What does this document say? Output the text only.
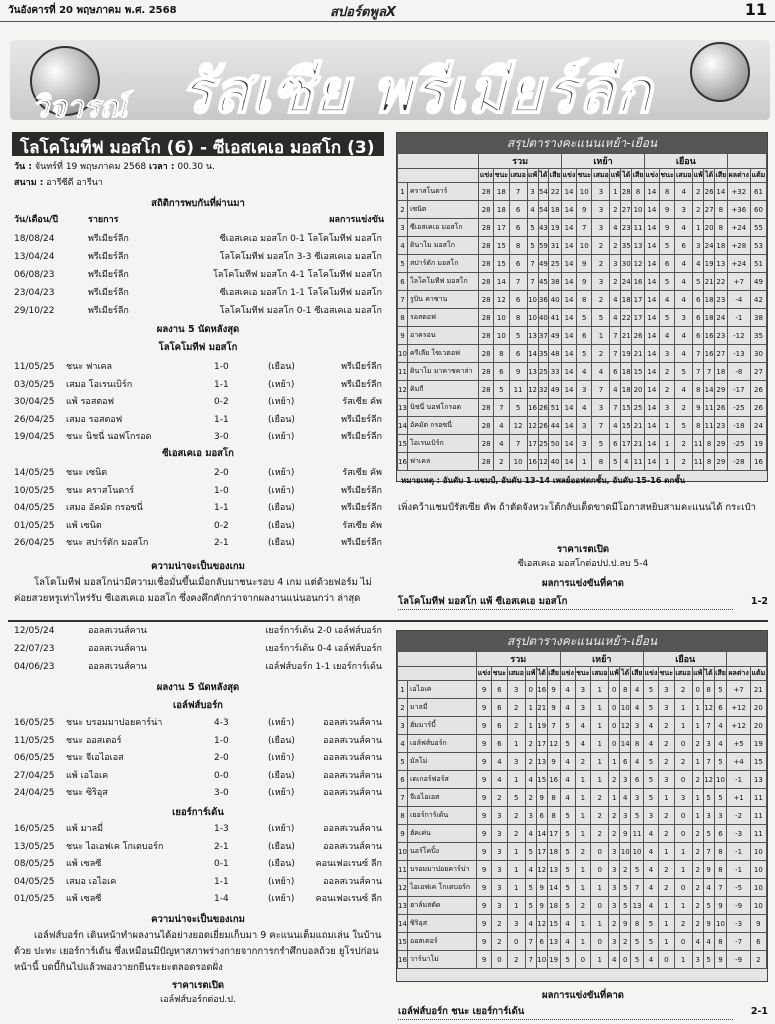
วันอังคารที่ 20 พฤษภาคม พ.ศ. 2568	สปอร์ตพูลX	11
วิจารณ์ รัสเซีย พรีเมียร์ลีก
โลโคโมทีฟ มอสโก (6) - ซีเอสเคเอ มอสโก (3)
วัน : จันทร์ที่ 19 พฤษภาคม 2568 เวลา : 00.30 น.
สนาม : อารีซีดี อารีนา
สถิติการพบกันที่ผ่านมา
วัน/เดือน/ปี	รายการ	ผลการแข่งขัน
18/08/24	พรีเมียร์ลีก	ซีเอสเคเอ มอสโก 0-1 โลโคโมทีฟ มอสโก
13/04/24	พรีเมียร์ลีก	โลโคโมทีฟ มอสโก 3-3 ซีเอสเคเอ มอสโก
06/08/23	พรีเมียร์ลีก	โลโคโมทีฟ มอสโก 4-1 โลโคโมทีฟ มอสโก
23/04/23	พรีเมียร์ลีก	ซีเอสเคเอ มอสโก 1-1 โลโคโมทีฟ มอสโก
29/10/22	พรีเมียร์ลีก	โลโคโมทีฟ มอสโก 0-1 ซีเอสเคเอ มอสโก
ผลงาน 5 นัดหลังสุด
โลโคโมทีฟ มอสโก
11/05/25 ชนะ ฟาเคล	1-0	(เยือน)	พรีเมียร์ลีก
03/05/25 เสมอ โอเรนเบิร์ก	1-1	(เหย้า)	พรีเมียร์ลีก
30/04/25 แพ้ รอสตอฟ	0-2	(เหย้า)	รัสเซีย คัพ
26/04/25 เสมอ รอสตอฟ	1-1	(เยือน)	พรีเมียร์ลีก
19/04/25 ชนะ นิชนี่ นอฟโกรอด	3-0	(เหย้า)	พรีเมียร์ลีก
ซีเอสเคเอ มอสโก
14/05/25 ชนะ เซนิต	2-0	(เหย้า)	รัสเซีย คัพ
10/05/25 ชนะ คราสโนดาร์	1-0	(เหย้า)	พรีเมียร์ลีก
04/05/25 เสมอ อัคมัต กรอซนี่	1-1	(เยือน)	พรีเมียร์ลีก
01/05/25 แพ้ เซนิต	0-2	(เยือน)	รัสเซีย คัพ
26/04/25 ชนะ สปาร์ตัก มอสโก	2-1	(เยือน)	พรีเมียร์ลีก
ความน่าจะเป็นของเกม
โลโคโมทีฟ มอสโกน่ามีความเชื่อมั่นขึ้นเมื่อกลับมาชนะรอบ 4 เกม แต่ด้วยฟอร์ม ไม่ค่อยสวยหรูเท่าไหร่รับ ซีเอสเคเอ มอสโก ซึ่งคงคึกคักกว่าจากผลงานแน่นอนกว่า ล่าสุด
เพิ่งคว้าแชมป์รัสเซีย คัพ ถ้าตัดจังหวะโต้กลับเด็ดขาดมีโอกาสหยิบสามคะแนนได้ กระเป๋า
ราคาเรตเปิด
ซีเอสเคเอ มอสโกต่อปป.ป.ลบ 5-4
ผลการแข่งขันที่คาด
โลโคโมทีฟ มอสโก แพ้ ซีเอสเคเอ มอสโก	1-2
12/05/24	ออลสเวนส์คาน	เยอร์การ์เด้น 2-0 เอล์ฟส์บอร์ก
22/07/23	ออลสเวนส์คาน	เยอร์การ์เด้น 0-4 เอล์ฟส์บอร์ก
04/06/23	ออลสเวนส์คาน	เอล์ฟส์บอร์ก 1-1 เยอร์การ์เด้น
ผลงาน 5 นัดหลังสุด
เอล์ฟส์บอร์ก
16/05/25 ชนะ บรอมมาปอยคาร์น่า	4-3	(เหย้า)	ออลสเวนส์คาน
11/05/25 ชนะ ออสเตอร์	1-0	(เยือน)	ออลสเวนส์คาน
06/05/25 ชนะ จีเอไอเอส	2-0	(เหย้า)	ออลสเวนส์คาน
27/04/25 แพ้ เอไอเค	0-0	(เยือน)	ออลสเวนส์คาน
24/04/25 ชนะ ซิริอุส	3-0	(เหย้า)	ออลสเวนส์คาน
เยอร์การ์เด้น
16/05/25 แพ้ มาลมี่	1-3	(เหย้า)	ออลสเวนส์คาน
13/05/25 ชนะ ไอเอฟเค โกเตบอร์ก	2-1	(เยือน)	ออลสเวนส์คาน
08/05/25 แพ้ เซลซี	0-1	(เยือน) คอนเฟอเรนซ์ ลีก
04/05/25 เสมอ เอไอเค	1-1	(เหย้า)	ออลสเวนส์คาน
01/05/25 แพ้ เซลซี	1-4	(เหย้า) คอนเฟอเรนซ์ ลีก
ความน่าจะเป็นของเกม
เอล์ฟส์บอร์ก เดินหน้าทำผลงานได้อย่างยอดเยี่ยมเก็บมา 9 คะแนนเต็มแถมเล่น ในบ้านด้วย ปะทะ เยอร์การ์เด้น ซึ่งเหมือนมีปัญหาสภาพร่างกายจากการกรำศึกบอลถ้วย ยูโรปก่อนหน้านี้ บดบี้กินไปแล้วพองวายกยีนระยะตลอดรอดฝั่ง
ราคาเรตเปิด
เอล์ฟส์บอร์กต่อป.ป.	ผลการแข่งขันที่คาด
เอล์ฟส์บอร์ก ชนะ เยอร์การ์เด้น	2-1
สรุปตารางคะแนนเหย้า-เยือน
		รวม						เหย้า						เยือน							
		แข่ง	ชนะ	เสมอ	แพ้	ได้	เสีย	แข่ง	ชนะ	เสมอ	แพ้	ได้	เสีย	แข่ง	ชนะ	เสมอ	แพ้	ได้	เสีย	ผลต่าง	แต้ม
1	คราสโนดาร์	28	18	7	3	54	22	14	10	3	1	28	8	14	8	4	2	26	14	+32	61
2	เซนิต	28	18	6	4	54	18	14	9	3	2	27	10	14	9	3	2	27	8	+36	60
3	ซีเอสเคเอ มอสโก	28	17	6	5	43	19	14	7	3	4	23	11	14	9	4	1	20	8	+24	55
4	ดินาโม มอสโก	28	15	8	5	59	31	14	10	2	2	35	13	14	5	6	3	24	18	+28	53
5	สปาร์ตัก มอสโก	28	15	6	7	49	25	14	9	2	3	30	12	14	6	4	4	19	13	+24	51
6	โลโคโมทีฟ มอสโก	28	14	7	7	45	38	14	9	3	2	24	16	14	5	4	5	21	22	+7	49
7	รูบิน คาซาน	28	12	6	10	36	40	14	8	2	4	18	17	14	4	4	6	18	23	-4	42
8	รอสตอฟ	28	10	8	10	40	41	14	5	5	4	22	17	14	5	3	6	18	24	-1	38
9	อาครอน	28	10	5	13	37	49	14	6	1	7	21	26	14	4	4	6	16	23	-12	35
10	ครีเลีย โซเวตอฟ	28	8	6	14	35	48	14	5	2	7	19	21	14	3	4	7	16	27	-13	30
11	ดินาโม มาคาชคาล่า	28	6	9	13	25	33	14	4	4	6	18	15	14	2	5	7	7	18	-8	27
12	คิมกี	28	5	11	12	32	49	14	3	7	4	18	20	14	2	4	8	14	29	-17	26
13	นิชนี่ นอฟโกรอด	28	7	5	16	26	51	14	4	3	7	15	25	14	3	2	9	11	26	-25	26
14	อัคมัต กรอซนี่	28	4	12	12	26	44	14	3	7	4	15	21	14	1	5	8	11	23	-18	24
15	โอเรนเบิร์ก	28	4	7	17	25	50	14	3	5	6	17	21	14	1	2	11	8	29	-25	19
16	ฟาเคล	28	2	10	16	12	40	14	1	8	5	4	11	14	1	2	11	8	29	-28	16
หมายเหตุ : อันดับ 1 แชมป์, อันดับ 13-14 เพลย์ออฟตกชั้น, อันดับ 15-16 ตกชั้น
สรุปตารางคะแนนเหย้า-เยือน
		รวม						เหย้า						เยือน							
		แข่ง	ชนะ	เสมอ	แพ้	ได้	เสีย	แข่ง	ชนะ	เสมอ	แพ้	ได้	เสีย	แข่ง	ชนะ	เสมอ	แพ้	ได้	เสีย	ผลต่าง	แต้ม
1	เอไอเค	9	6	3	0	16	9	4	3	1	0	8	4	5	3	2	0	8	5	+7	21
2	มาลมี่	9	6	2	1	21	9	4	3	1	0	10	4	5	3	1	1	12	6	+12	20
3	ฮัมมาร์บี้	9	6	2	1	19	7	5	4	1	0	12	3	4	2	1	1	7	4	+12	20
4	เอล์ฟส์บอร์ก	9	6	1	2	17	12	5	4	1	0	14	8	4	2	0	2	3	4	+5	19
5	มัลโม่	9	4	3	2	13	9	4	2	1	1	6	4	5	2	2	1	7	5	+4	15
6	เดเกอร์ฟอร์ส	9	4	1	4	15	16	4	1	1	2	3	6	5	3	0	2	12	10	-1	13
7	จีเอไอเอส	9	2	5	2	9	8	4	1	2	1	4	3	5	1	3	1	5	5	+1	11
8	เยอร์การ์เด้น	9	3	2	3	6	8	5	1	2	2	3	5	3	2	0	1	3	3	-2	11
9	ฮัคเค่น	9	3	2	4	14	17	5	1	2	2	9	11	4	2	0	2	5	6	-3	11
10	นอร์โคปิ้ง	9	3	1	5	17	18	5	2	0	3	10	10	4	1	1	2	7	8	-1	10
11	บรอมมาปอยคาร์น่า	9	3	1	4	12	13	5	1	0	3	2	5	4	2	1	2	9	8	-1	10
12	ไอเอฟเค โกเตบอร์ก	9	3	1	5	9	14	5	1	1	3	5	7	4	2	0	2	4	7	-5	10
13	ฮาล์มสตัด	9	3	1	5	9	18	5	2	0	3	5	13	4	1	1	2	5	9	-9	10
14	ซิริอุส	9	2	3	4	12	15	4	1	1	2	9	8	5	1	2	2	9	10	-3	9
15	ออสเตอร์	9	2	0	7	6	13	4	1	0	3	2	5	5	1	0	4	4	8	-7	6
16	วาร์นาโม่	9	0	2	7	10	19	5	0	1	4	0	5	4	0	1	3	5	9	-9	2
